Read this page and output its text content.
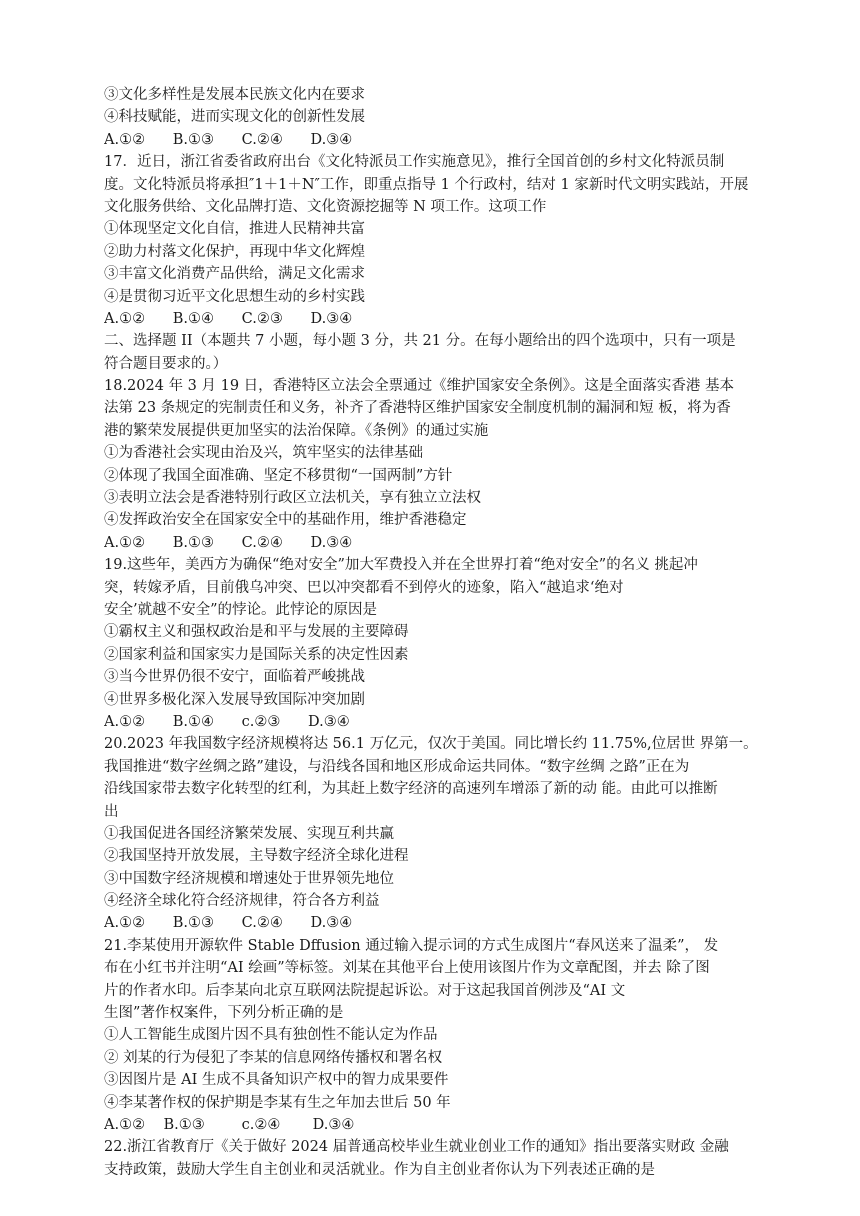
③文化多样性是发展本民族文化内在要求
④科技赋能，进而实现文化的创新性发展
A.①②      B.①③      C.②④      D.③④
17．近日，浙江省委省政府出台《文化特派员工作实施意见》，推行全国首创的乡村文化特派员制
度。文化特派员将承担″1＋1＋N″工作，即重点指导 1 个行政村，结对 1 家新时代文明实践站，开展
文化服务供给、文化品牌打造、文化资源挖掘等 N 项工作。这项工作
①体现坚定文化自信，推进人民精神共富
②助力村落文化保护，再现中华文化辉煌
③丰富文化消费产品供给，满足文化需求
④是贯彻习近平文化思想生动的乡村实践
A.①②      B.①④      C.②③      D.③④
二、选择题 II（本题共 7 小题，每小题 3 分，共 21 分。在每小题给出的四个选项中，只有一项是
符合题目要求的。）
18.2024 年 3 月 19 日，香港特区立法会全票通过《维护国家安全条例》。这是全面落实香港 基本
法第 23 条规定的宪制责任和义务，补齐了香港特区维护国家安全制度机制的漏洞和短 板，将为香
港的繁荣发展提供更加坚实的法治保障。《条例》的通过实施
①为香港社会实现由治及兴，筑牢坚实的法律基础
②体现了我国全面准确、坚定不移贯彻“一国两制”方针
③表明立法会是香港特别行政区立法机关，享有独立立法权
④发挥政治安全在国家安全中的基础作用，维护香港稳定
A.①②      B.①③      C.②④      D.③④
19.这些年，美西方为确保“绝对安全”加大军费投入并在全世界打着“绝对安全”的名义 挑起冲
突，转嫁矛盾，目前俄乌冲突、巴以冲突都看不到停火的迹象，陷入“越追求‘绝对
安全’就越不安全”的悖论。此悖论的原因是
①霸权主义和强权政治是和平与发展的主要障碍
②国家利益和国家实力是国际关系的决定性因素
③当今世界仍很不安宁，面临着严峻挑战
④世界多极化深入发展导致国际冲突加剧
A.①②      B.①④      c.②③      D.③④
20.2023 年我国数字经济规模将达 56.1 万亿元，仅次于美国。同比增长约 11.75%,位居世 界第一。
我国推进“数字丝绸之路”建设，与沿线各国和地区形成命运共同体。“数字丝绸 之路”正在为
沿线国家带去数字化转型的红利，为其赶上数字经济的高速列车增添了新的动 能。由此可以推断
出
①我国促进各国经济繁荣发展、实现互利共赢
②我国坚持开放发展，主导数字经济全球化进程
③中国数字经济规模和增速处于世界领先地位
④经济全球化符合经济规律，符合各方利益
A.①②      B.①③      C.②④      D.③④
21.李某使用开源软件 Stable Dffusion 通过输入提示词的方式生成图片“春风送来了温柔”， 发
布在小红书并注明“AI 绘画”等标签。刘某在其他平台上使用该图片作为文章配图，并去 除了图
片的作者水印。后李某向北京互联网法院提起诉讼。对于这起我国首例涉及“AI 文
生图”著作权案件，下列分析正确的是
①人工智能生成图片因不具有独创性不能认定为作品
② 刘某的行为侵犯了李某的信息网络传播权和署名权
③因图片是 AI 生成不具备知识产权中的智力成果要件
④李某著作权的保护期是李某有生之年加去世后 50 年
A.①②    B.①③        c.②④       D.③④
22.浙江省教育厅《关于做好 2024 届普通高校毕业生就业创业工作的通知》指出要落实财政 金融
支持政策，鼓励大学生自主创业和灵活就业。作为自主创业者你认为下列表述正确的是
